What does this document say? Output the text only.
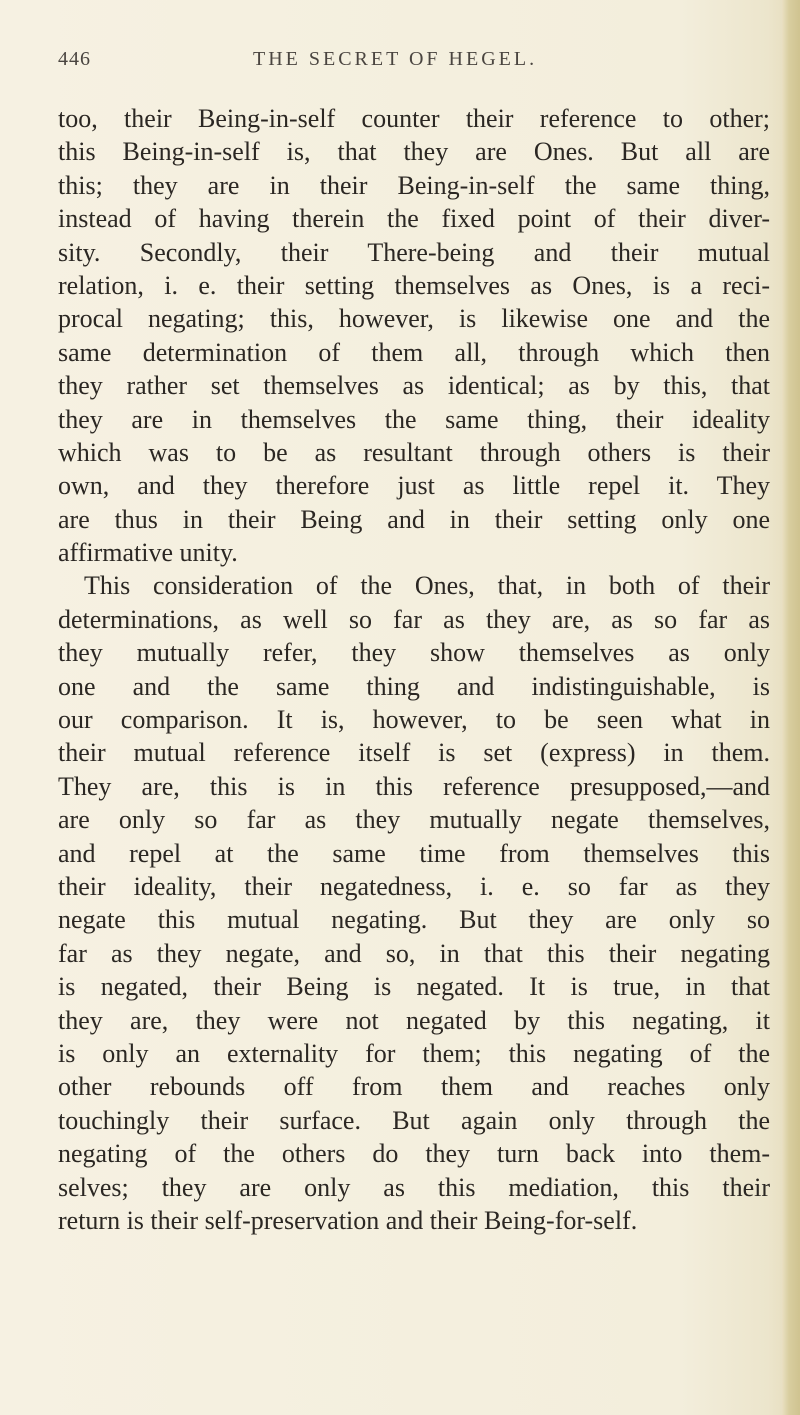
446	THE SECRET OF HEGEL.
too, their Being-in-self counter their reference to other;
this Being-in-self is, that they are Ones. But all are
this; they are in their Being-in-self the same thing,
instead of having therein the fixed point of their diver-
sity. Secondly, their There-being and their mutual
relation, i. e. their setting themselves as Ones, is a reci-
procal negating; this, however, is likewise one and the
same determination of them all, through which then
they rather set themselves as identical; as by this, that
they are in themselves the same thing, their ideality
which was to be as resultant through others is their
own, and they therefore just as little repel it. They
are thus in their Being and in their setting only one
affirmative unity.
This consideration of the Ones, that, in both of their
determinations, as well so far as they are, as so far as
they mutually refer, they show themselves as only
one and the same thing and indistinguishable, is
our comparison. It is, however, to be seen what in
their mutual reference itself is set (express) in them.
They are, this is in this reference presupposed,—and
are only so far as they mutually negate themselves,
and repel at the same time from themselves this
their ideality, their negatedness, i. e. so far as they
negate this mutual negating. But they are only so
far as they negate, and so, in that this their negating
is negated, their Being is negated. It is true, in that
they are, they were not negated by this negating, it
is only an externality for them; this negating of the
other rebounds off from them and reaches only
touchingly their surface. But again only through the
negating of the others do they turn back into them-
selves; they are only as this mediation, this their
return is their self-preservation and their Being-for-self.
